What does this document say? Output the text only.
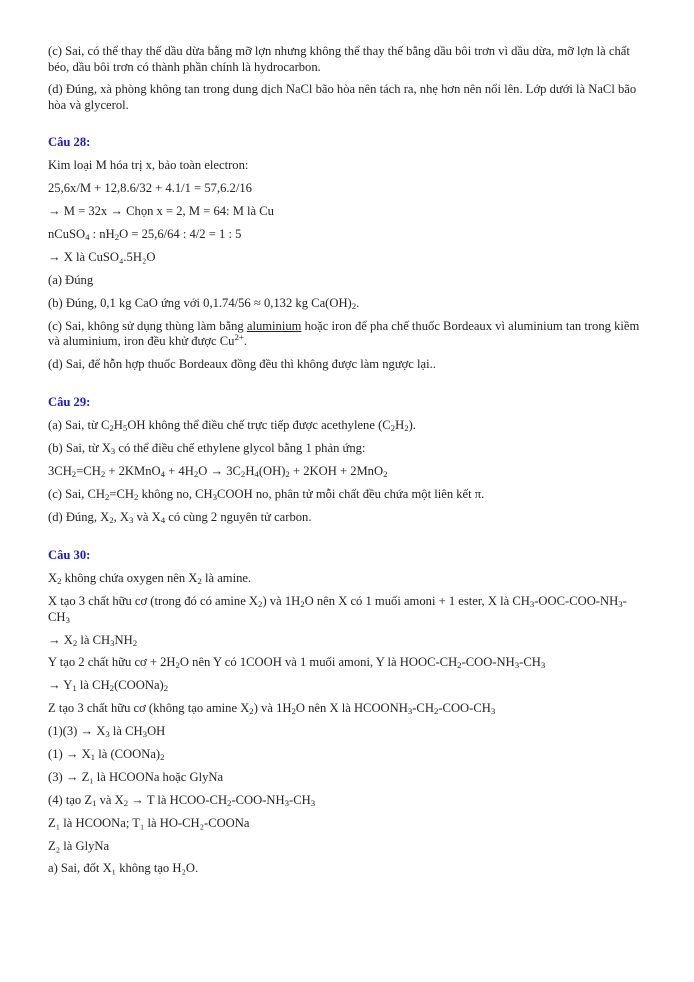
(c) Sai, có thể thay thế dầu dừa bằng mỡ lợn nhưng không thể thay thế bằng dầu bôi trơn vì dầu dừa, mỡ lợn là chất béo, dầu bôi trơn có thành phần chính là hydrocarbon.

(d) Đúng, xà phòng không tan trong dung dịch NaCl bão hòa nên tách ra, nhẹ hơn nên nổi lên. Lớp dưới là NaCl bão hòa và glycerol.

Câu 28:

Kim loại M hóa trị x, bảo toàn electron:

25,6x/M + 12,8.6/32 + 4.1/1 = 57,6.2/16

→ M = 32x → Chọn x = 2, M = 64: M là Cu

nCuSO$_4$ : $nH_2O = 25,6/64$ : 4/2 = 1 : 5

→ X là CuSO₄.5H₂O

(a) Đúng

(b) Đúng, 0,1 kg CaO ứng với 0,1.74/56 ≈ 0,132 kg $Ca(OH)_2$.

(c) Sai, không sử dụng thùng làm bằng aluminium hoặc iron để pha chế thuốc Bordeaux vì aluminium tan trong kiềm và aluminium, iron đều khử được $Cu^{2+}$.

(d) Sai, để hỗn hợp thuốc Bordeaux đồng đều thì không được làm ngược lại..

Câu 29:

(a) Sai, từ $C_2H_5OH$ không thể điều chế trực tiếp được acethylene $(C_2H_2)$.

(b) Sai, từ $X_3$ có thể điều chế ethylene glycol bằng 1 phản ứng:

$3CH_2=CH_2$ + 2KMnO$_4$ + $4H_2O \to 3C_2H_4(OH)_2 + 2KOH + 2MnO_2$

(c) Sai, $CH_2=CH_2$ không no, $CH_3COOH$ no, phân tử mỗi chất đều chứa một liên kết π.

(d) Đúng, $X_2$, $X_3$ và $X_4$ có cùng 2 nguyên tử carbon.

Câu 30:

$X_2$ không chứa oxygen nên $X_2$ là amine.

X tạo 3 chất hữu cơ (trong đó có amine $X_2$) và $1H_2O$ nên X có 1 muối amoni + 1 ester, X là $CH_3-OOC-COO-NH_3-CH_3$

→ $X_2$ là $CH_3NH_2$

Y tạo 2 chất hữu cơ + $2H_2O$ nên Y có 1COOH và 1 muối amoni, Y là HOOC-$CH_2-COO-NH_3-CH_3$

→ $Y_1$ là $CH_2(COONa)_2$

Z tạo 3 chất hữu cơ (không tạo amine $X_2$) và $1H_2O$ nên X là $HCOONH_3-CH_2-COO-CH_3$

$(1)(3) \to X_3$ là $CH_3OH$

$(1) \to X_1$ là $(COONa)_2$

(3) → Z₁ là HCOONa hoặc GlyNa

(4) tạo $Z_1$ và $X_2 \to T$ là HCOO-$CH_2-COO-NH_3-CH_3$

Z₁ là HCOONa; T₁ là HO-CH₂-COONa

Z₂ là GlyNa

a) Sai, đốt X₁ không tạo H₂O.
